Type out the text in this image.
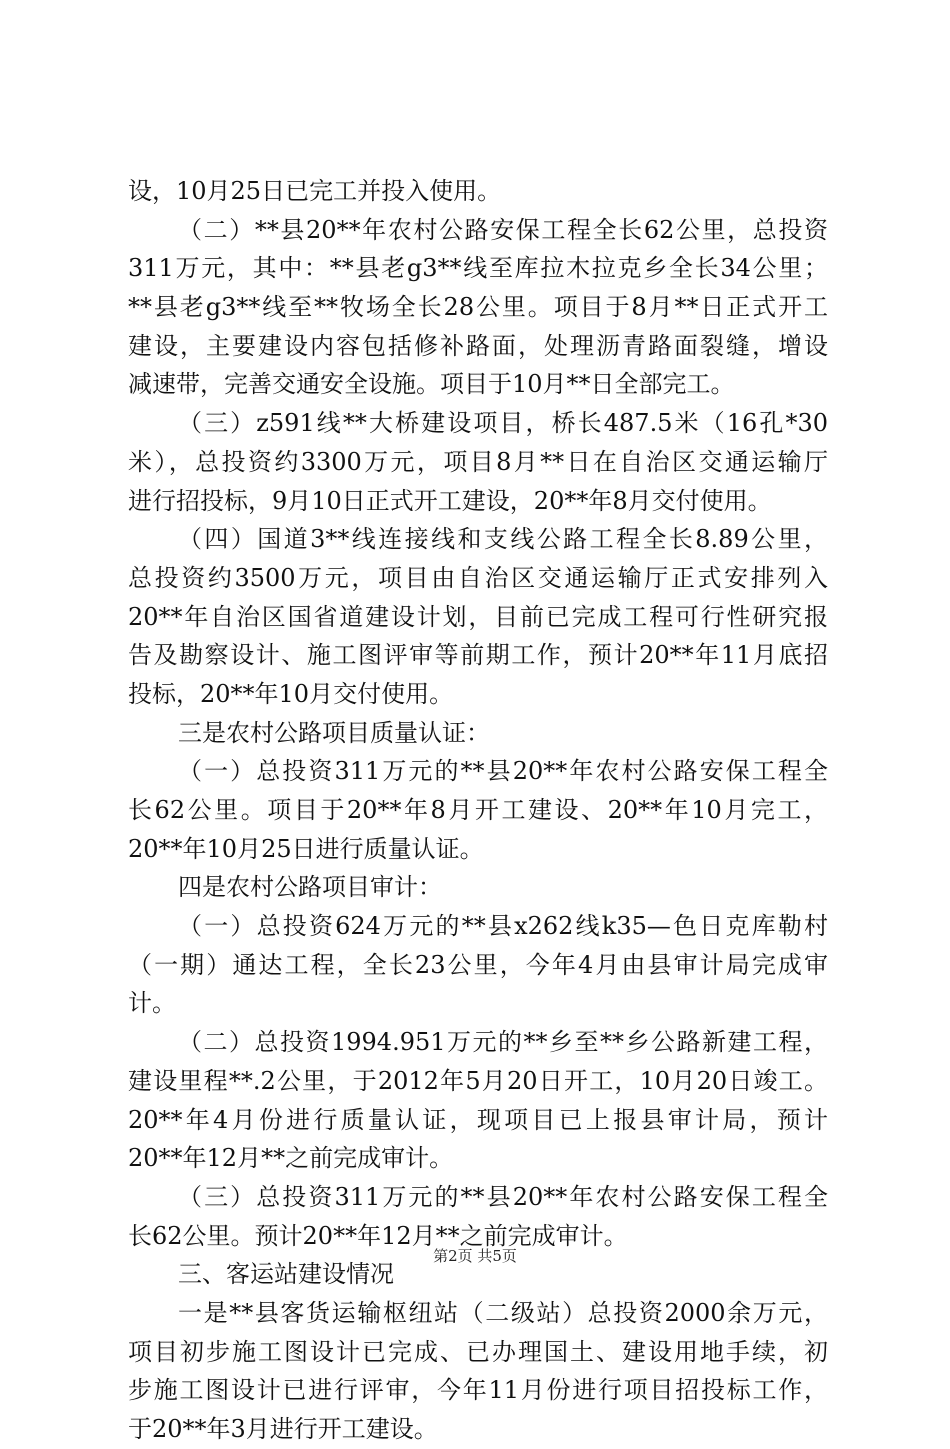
设，10月25日已完工并投入使用。
（二）**县20**年农村公路安保工程全长62公里，总投资
311万元，其中：**县老g3**线至库拉木拉克乡全长34公里；
**县老g3**线至**牧场全长28公里。项目于8月**日正式开工
建设，主要建设内容包括修补路面，处理沥青路面裂缝，增设
减速带，完善交通安全设施。项目于10月**日全部完工。
（三）z591线**大桥建设项目，桥长487.5米（16孔*30
米），总投资约3300万元，项目8月**日在自治区交通运输厅
进行招投标，9月10日正式开工建设，20**年8月交付使用。
（四）国道3**线连接线和支线公路工程全长8.89公里，
总投资约3500万元，项目由自治区交通运输厅正式安排列入
20**年自治区国省道建设计划，目前已完成工程可行性研究报
告及勘察设计、施工图评审等前期工作，预计20**年11月底招
投标，20**年10月交付使用。
三是农村公路项目质量认证：
（一）总投资311万元的**县20**年农村公路安保工程全
长62公里。项目于20**年8月开工建设、20**年10月完工，
20**年10月25日进行质量认证。
四是农村公路项目审计：
（一）总投资624万元的**县x262线k35—色日克库勒村
（一期）通达工程，全长23公里，今年4月由县审计局完成审
计。
（二）总投资1994.951万元的**乡至**乡公路新建工程，
建设里程**.2公里，于2012年5月20日开工，10月20日竣工。
20**年4月份进行质量认证，现项目已上报县审计局，预计
20**年12月**之前完成审计。
（三）总投资311万元的**县20**年农村公路安保工程全
长62公里。预计20**年12月**之前完成审计。
三、客运站建设情况
一是**县客货运输枢纽站（二级站）总投资2000余万元，
项目初步施工图设计已完成、已办理国土、建设用地手续，初
步施工图设计已进行评审，今年11月份进行项目招投标工作，
于20**年3月进行开工建设。
第2页 共5页
